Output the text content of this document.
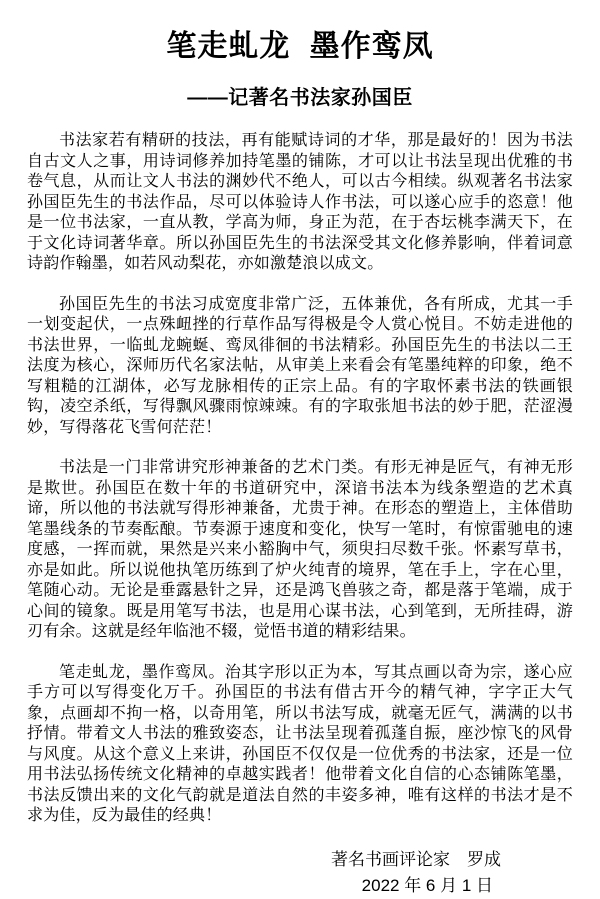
笔走虬龙 墨作鸾凤
——记著名书法家孙国臣

书法家若有精研的技法，再有能赋诗词的才华，那是最好的！因为书法自古文人之事，用诗词修养加持笔墨的铺陈，才可以让书法呈现出优雅的书卷气息，从而让文人书法的渊妙代不绝人，可以古今相续。纵观著名书法家孙国臣先生的书法作品，尽可以体验诗人作书法，可以遂心应手的恣意！他是一位书法家，一直从教，学高为师，身正为范，在于杏坛桃李满天下，在于文化诗词著华章。所以孙国臣先生的书法深受其文化修养影响，伴着词意诗韵作翰墨，如若风动梨花，亦如激楚浪以成文。

孙国臣先生的书法习成宽度非常广泛，五体兼优，各有所成，尤其一手一划变起伏，一点殊衄挫的行草作品写得极是令人赏心悦目。不妨走进他的书法世界，一临虬龙蜿蜒、鸾凤徘徊的书法精彩。孙国臣先生的书法以二王法度为核心，深师历代名家法帖，从审美上来看会有笔墨纯粹的印象，绝不写粗糙的江湖体，必写龙脉相传的正宗上品。有的字取怀素书法的铁画银钩，凌空杀纸，写得飘风骤雨惊竦竦。有的字取张旭书法的妙于肥，茫涩漫妙，写得落花飞雪何茫茫！

书法是一门非常讲究形神兼备的艺术门类。有形无神是匠气，有神无形是欺世。孙国臣在数十年的书道研究中，深谙书法本为线条塑造的艺术真谛，所以他的书法就写得形神兼备，尤贵于神。在形态的塑造上，主体借助笔墨线条的节奏酝酿。节奏源于速度和变化，快写一笔时，有惊雷驰电的速度感，一挥而就，果然是兴来小豁胸中气，须臾扫尽数千张。怀素写草书，亦是如此。所以说他执笔历练到了炉火纯青的境界，笔在手上，字在心里，笔随心动。无论是垂露悬针之异，还是鸿飞兽骇之奇，都是落于笔端，成于心间的镜象。既是用笔写书法，也是用心谋书法，心到笔到，无所挂碍，游刃有余。这就是经年临池不辍，觉悟书道的精彩结果。

笔走虬龙，墨作鸾凤。治其字形以正为本，写其点画以奇为宗，遂心应手方可以写得变化万千。孙国臣的书法有借古开今的精气神，字字正大气象，点画却不拘一格，以奇用笔，所以书法写成，就毫无匠气，满满的以书抒情。带着文人书法的雅致姿态，让书法呈现着孤蓬自振，座沙惊飞的风骨与风度。从这个意义上来讲，孙国臣不仅仅是一位优秀的书法家，还是一位用书法弘扬传统文化精神的卓越实践者！他带着文化自信的心态铺陈笔墨，书法反馈出来的文化气韵就是道法自然的丰姿多神，唯有这样的书法才是不求为佳，反为最佳的经典！

著名书画评论家　罗成
2022 年 6 月 1 日
